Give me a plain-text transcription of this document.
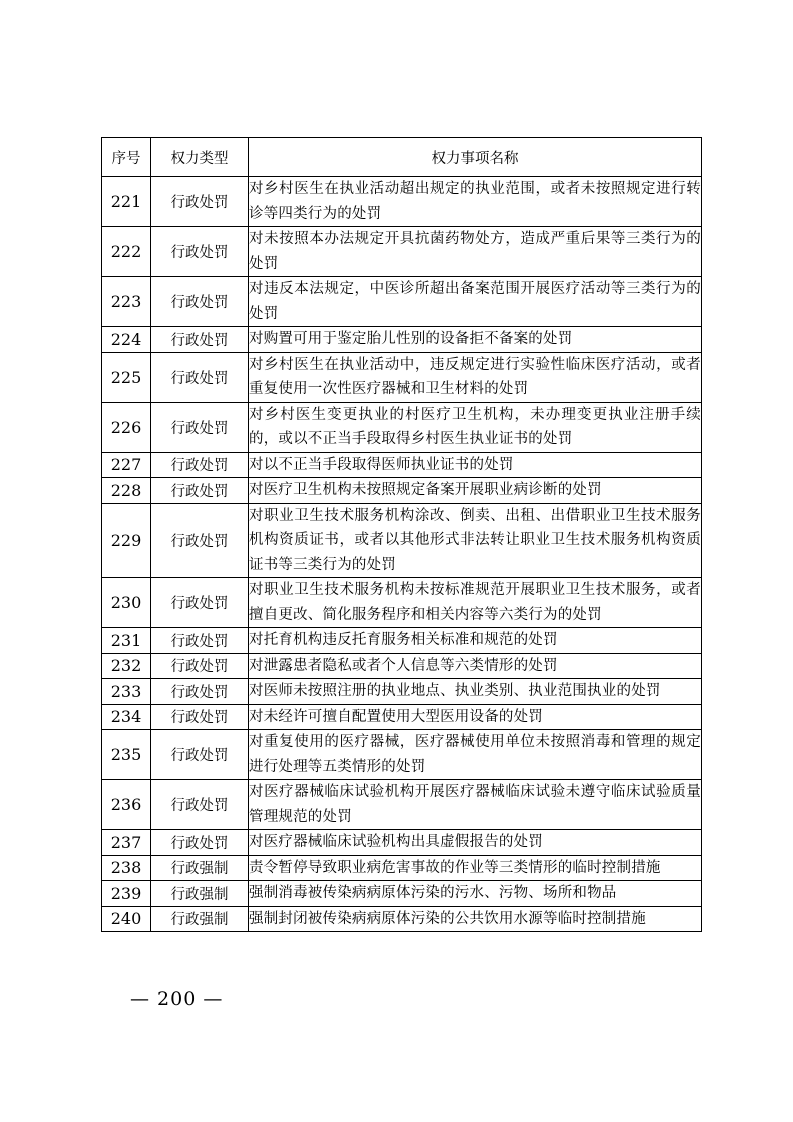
序号	权力类型	权力事项名称
221	行政处罚	对乡村医生在执业活动超出规定的执业范围，或者未按照规定进行转诊等四类行为的处罚
222	行政处罚	对未按照本办法规定开具抗菌药物处方，造成严重后果等三类行为的处罚
223	行政处罚	对违反本法规定，中医诊所超出备案范围开展医疗活动等三类行为的处罚
224	行政处罚	对购置可用于鉴定胎儿性别的设备拒不备案的处罚
225	行政处罚	对乡村医生在执业活动中，违反规定进行实验性临床医疗活动，或者重复使用一次性医疗器械和卫生材料的处罚
226	行政处罚	对乡村医生变更执业的村医疗卫生机构，未办理变更执业注册手续的，或以不正当手段取得乡村医生执业证书的处罚
227	行政处罚	对以不正当手段取得医师执业证书的处罚
228	行政处罚	对医疗卫生机构未按照规定备案开展职业病诊断的处罚
229	行政处罚	对职业卫生技术服务机构涂改、倒卖、出租、出借职业卫生技术服务机构资质证书，或者以其他形式非法转让职业卫生技术服务机构资质证书等三类行为的处罚
230	行政处罚	对职业卫生技术服务机构未按标准规范开展职业卫生技术服务，或者擅自更改、简化服务程序和相关内容等六类行为的处罚
231	行政处罚	对托育机构违反托育服务相关标准和规范的处罚
232	行政处罚	对泄露患者隐私或者个人信息等六类情形的处罚
233	行政处罚	对医师未按照注册的执业地点、执业类别、执业范围执业的处罚
234	行政处罚	对未经许可擅自配置使用大型医用设备的处罚
235	行政处罚	对重复使用的医疗器械，医疗器械使用单位未按照消毒和管理的规定进行处理等五类情形的处罚
236	行政处罚	对医疗器械临床试验机构开展医疗器械临床试验未遵守临床试验质量管理规范的处罚
237	行政处罚	对医疗器械临床试验机构出具虚假报告的处罚
238	行政强制	责令暂停导致职业病危害事故的作业等三类情形的临时控制措施
239	行政强制	强制消毒被传染病病原体污染的污水、污物、场所和物品
240	行政强制	强制封闭被传染病病原体污染的公共饮用水源等临时控制措施
— 200 —
